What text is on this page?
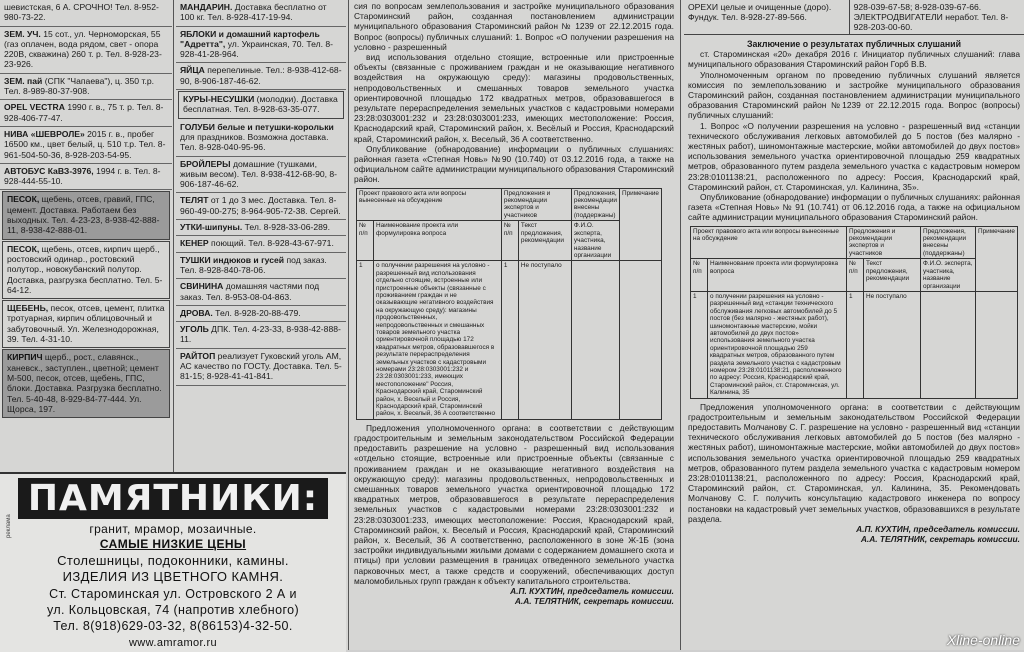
шевистская, 6 А. СРОЧНО! Тел. 8-952-980-73-22.
ЗЕМ. УЧ. 15 сот., ул. Черноморская, 55 (газ оплачен, вода рядом, свет - опора 220В, скважина) 260 т. р. Тел. 8-928-23-23-926.
ЗЕМ. пай (СПК "Чапаева"), ц. 350 т.р. Тел. 8-989-80-37-908.
OPEL VECTRA 1990 г. в., 75 т. р. Тел. 8-928-406-77-47.
НИВА «ШЕВРОЛЕ» 2015 г. в., пробег 16500 км., цвет белый, ц. 510 т.р. Тел. 8-961-504-50-36, 8-928-203-54-95.
АВТОБУС КаВЗ-3976, 1994 г. в. Тел. 8-928-444-55-10.
ПЕСОК, щебень, отсев, гравий, ГПС, цемент. Доставка. Работаем без выходных. Тел. 4-23-23, 8-938-42-888-11, 8-938-42-888-01.
ПЕСОК, щебень, отсев, кирпич щерб., ростовский одинар., ростовский полутор., новокубанский полутор. Доставка, разгрузка бесплатно. Тел. 5-64-12.
ЩЕБЕНЬ, песок, отсев, цемент, плитка тротуарная, кирпич облицовочный и забутовочный. Ул. Железнодорожная, 39. Тел. 4-31-10.
КИРПИЧ щерб., рост., славянск., ханевск., заступлен., цветной; цемент М-500, песок, отсев, щебень, ГПС, блоки. Доставка. Разгрузка бесплатно. Тел. 5-40-48, 8-929-84-77-444. Ул. Щорса, 197.
МАНДАРИН. Доставка бесплатно от 100 кг. Тел. 8-928-417-19-94.
ЯБЛОКИ и домашний картофель "Адретта", ул. Украинская, 70. Тел. 8-928-41-28-964.
ЯЙЦА перепелиные. Тел.: 8-938-412-68-90, 8-906-187-46-62.
КУРЫ-НЕСУШКИ (молодки). Доставка бесплатная. Тел. 8-928-63-35-077.
ГОЛУБИ белые и петушки-корольки для праздников. Возможна доставка. Тел. 8-928-040-95-96.
БРОЙЛЕРЫ домашние (тушками, живым весом). Тел. 8-938-412-68-90, 8-906-187-46-62.
ТЕЛЯТ от 1 до 3 мес. Доставка. Тел. 8-960-49-00-275; 8-964-905-72-38. Сергей.
УТКИ-шипуны. Тел. 8-928-33-06-289.
КЕНЕР поющий. Тел. 8-928-43-67-971.
ТУШКИ индюков и гусей под заказ. Тел. 8-928-840-78-06.
СВИНИНА домашняя частями под заказ. Тел. 8-953-08-04-863.
ДРОВА. Тел. 8-928-20-88-479.
УГОЛЬ ДПК. Тел. 4-23-33, 8-938-42-888-11.
РАЙТОП реализует Гуковский уголь АМ, АС качество по ГОСТу. Доставка. Тел. 5-81-15; 8-928-41-41-841.
ПАМЯТНИКИ:
гранит, мрамор, мозаичные.
САМЫЕ НИЗКИЕ ЦЕНЫ
Столешницы, подоконники, камины.
ИЗДЕЛИЯ ИЗ ЦВЕТНОГО КАМНЯ.
Ст. Староминская ул. Островского 2 А и
ул. Кольцовская, 74 (напротив хлебного)
Тел. 8(918)629-03-32, 8(86153)4-32-50.
www.amramor.ru
реклама
сия по вопросам землепользования и застройке муниципального образования Староминский район, созданная постановлением администрации муниципального образования Староминский район № 1239 от 22.12.2015 года. Вопрос (вопросы) публичных слушаний: 1. Вопрос «О получении разрешения на условно - разрешенный
вид использования отдельно стоящие, встроенные или пристроенные объекты (связанные с проживанием граждан и не оказывающие негативного воздействия на окружающую среду): магазины продовольственных, непродовольственных и смешанных товаров земельного участка ориентировочной площадью 172 квадратных метров, образовавшегося в результате перераспределения земельных участков с кадастровыми номерами 23:28:0303001:232 и 23:28:0303001:233, имеющих местоположение: Россия, Краснодарский край, Староминский район, х. Весёлый и Россия, Краснодарский край, Староминский район, х. Веселый, 36 А соответственно.
Опубликование (обнародование) информации о публичных слушаниях: районная газета «Степная Новь» №90 (10.740) от 03.12.2016 года, а также на официальном сайте администрации муниципального образования Староминский район.
Проект правового акта или вопросы вынесенные на обсуждение		Предложения и рекомендации экспертов и участников		Предложения, рекомендации внесены (поддержаны)	Примечание
№ п/п	Наименование проекта или формулировка вопроса	№ п/п	Текст предложения, рекомендации	Ф.И.О. эксперта, участника, название организации	
1	о получении разрешения на условно - разрешенный вид использования отдельно стоящие, встроенные или пристроенные объекты (связанные с проживанием граждан и не оказывающие негативного воздействия на окружающую среду): магазины продовольственных, непродовольственных и смешанных товаров земельного участка ориентировочной площадью 172 квадратных метров, образовавшегося в результате перераспределения земельных участков с кадастровыми номерами 23:28:0303001:232 и 23:28:0303001:233, имеющих местоположение" Россия, Краснодарский край, Староминский район, х. Веселый и Россия, Краснодарский край, Староминский район, х. Веселый, 36 А соответственно	1	Не поступало		
Предложения уполномоченного органа: в соответствии с действующим градостроительным и земельным законодательством Российской Федерации предоставить разрешение на условно - разрешенный вид использования «отдельно стоящие, встроенные или пристроенные объекты (связанные с проживанием граждан и не оказывающие негативного воздействия на окружающую среду): магазины продовольственных, непродовольственных и смешанных товаров земельного участка ориентировочной площадью 172 квадратных метров, образовавшегося в результате перераспределения земельных участков с кадастровыми номерами 23:28:0303001:232 и 23:28:0303001:233, имеющих местоположение: Россия, Краснодарский край, Староминский район, х. Веселый и Россия, Краснодарский край, Староминский район, х. Веселый, 36 А соответственно, расположенного в зоне Ж-1Б (зона застройки индивидуальными жилыми домами с содержанием домашнего скота и птицы) при условии размещения в границах отведенного земельного участка парковочных мест, а также средств и сооружений, обеспечивающих доступ маломобильных групп граждан к объекту капитального строительства.
А.П. КУХТИН, председатель комиссии.
А.А. ТЕЛЯТНИК, секретарь комиссии.
ОРЕХИ целые и очищенные (доро). Фундук. Тел. 8-928-27-89-566.
928-039-67-58; 8-928-039-67-66. ЭЛЕКТРОДВИГАТЕЛИ неработ. Тел. 8-928-203-00-60.
Заключение о результатах публичных слушаний
ст. Староминская «20» декабря 2016 г. Инициатор публичных слушаний: глава муниципального образования Староминский район Горб В.В.
Уполномоченным органом по проведению публичных слушаний является комиссия по землепользованию и застройке муниципального образования Староминский район, созданная постановлением администрации муниципального образования Староминский район №1239 от 22.12.2015 года. Вопрос (вопросы) публичных слушаний:
1. Вопрос «О получении разрешения на условно - разрешенный вид «станции технического обслуживания легковых автомобилей до 5 постов (без малярно - жестяных работ), шиномонтажные мастерские, мойки автомобилей до двух постов» использования земельного участка ориентировочной площадью 259 квадратных метров, образованного путем раздела земельного участка с кадастровым номером 23:28:0101138:21, расположенного по адресу: Россия, Краснодарский край, Староминский район, ст. Староминская, ул. Калинина, 35».
Опубликование (обнародование) информации о публичных слушаниях: районная газета «Степная Новь» № 91 (10.741) от 06.12.2016 года, а также на официальном сайте администрации муниципального образования Староминский район.
Проект правового акта или вопросы вынесенные на обсуждение		Предложения и рекомендации экспертов и участников		Предложения, рекомендации внесены (поддержаны)	Примечание
№ п/п	Наименование проекта или формулировка вопроса	№ п/п	Текст предложения, рекомендации	Ф.И.О. эксперта, участника, название организации	
1	о получении разрешения на условно - разрешенный вид «станции технического обслуживания легковых автомобилей до 5 постов (без малярно - жестяных работ), шиномонтажные мастерские, мойки автомобилей до двух постов» использования земельного участка ориентировочной площадью 259 квадратных метров, образованного путем раздела земельного участка с кадастровым номером 23:28:0101138:21, расположенного по адресу: Россия, Краснодарский край, Староминский район, ст. Староминская, ул. Калинина, 35	1	Не поступало		
Предложения уполномоченного органа: в соответствии с действующим градостроительным и земельным законодательством Российской Федерации предоставить Молчанову С. Г. разрешение на условно - разрешенный вид «станции технического обслуживания легковых автомобилей до 5 постов (без малярно - жестяных работ), шиномонтажные мастерские, мойки автомобилей до двух постов» использования земельного участка ориентировочной площадью 259 квадратных метров, образованного путем раздела земельного участка с кадастровым номером 23:28:0101138:21, расположенного по адресу: Россия, Краснодарский край, Староминский район, ст. Староминская, ул. Калинина, 35. Рекомендовать Молчанову С. Г. получить консультацию кадастрового инженера по вопросу постановки на кадастровый учет земельных участков, образовавшихся в результате раздела.
А.П. КУХТИН, председатель комиссии.
А.А. ТЕЛЯТНИК, секретарь комиссии.
Xline-online
